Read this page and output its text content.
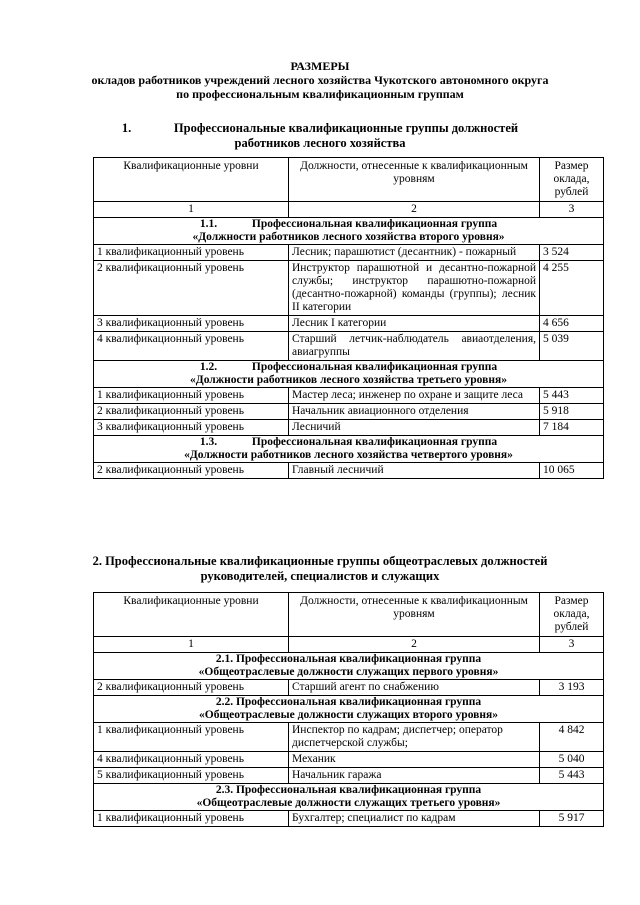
РАЗМЕРЫ
окладов работников учреждений лесного хозяйства Чукотского автономного округа
по профессиональным квалификационным группам
1.	Профессиональные квалификационные группы должностей
работников лесного хозяйства
Квалификационные уровни	Должности, отнесенные к квалификационным уровням	Размер оклада, рублей
1	2	3
1.1. Профессиональная квалификационная группа
«Должности работников лесного хозяйства второго уровня»		
1 квалификационный уровень	Лесник; парашютист (десантник) - пожарный	3 524
2 квалификационный уровень	Инструктор парашютной и десантно-пожарной службы; инструктор парашютно-пожарной (десантно-пожарной) команды (группы); лесник II категории	4 255
3 квалификационный уровень	Лесник I категории	4 656
4 квалификационный уровень	Старший летчик-наблюдатель авиаотделения, авиагруппы	5 039
1.2. Профессиональная квалификационная группа
«Должности работников лесного хозяйства третьего уровня»		
1 квалификационный уровень	Мастер леса; инженер по охране и защите леса	5 443
2 квалификационный уровень	Начальник авиационного отделения	5 918
3 квалификационный уровень	Лесничий	7 184
1.3. Профессиональная квалификационная группа
«Должности работников лесного хозяйства четвертого уровня»		
2 квалификационный уровень	Главный лесничий	10 065
2. Профессиональные квалификационные группы общеотраслевых должностей
руководителей, специалистов и служащих
Квалификационные уровни	Должности, отнесенные к квалификационным уровням	Размер оклада, рублей
1	2	3
2.1. Профессиональная квалификационная группа
«Общеотраслевые должности служащих первого уровня»		
2 квалификационный уровень	Старший агент по снабжению	3 193
2.2. Профессиональная квалификационная группа
«Общеотраслевые должности служащих второго уровня»		
1 квалификационный уровень	Инспектор по кадрам; диспетчер; оператор диспетчерской службы;	4 842
4 квалификационный уровень	Механик	5 040
5 квалификационный уровень	Начальник гаража	5 443
2.3. Профессиональная квалификационная группа
«Общеотраслевые должности служащих третьего уровня»		
1 квалификационный уровень	Бухгалтер; специалист по кадрам	5 917
